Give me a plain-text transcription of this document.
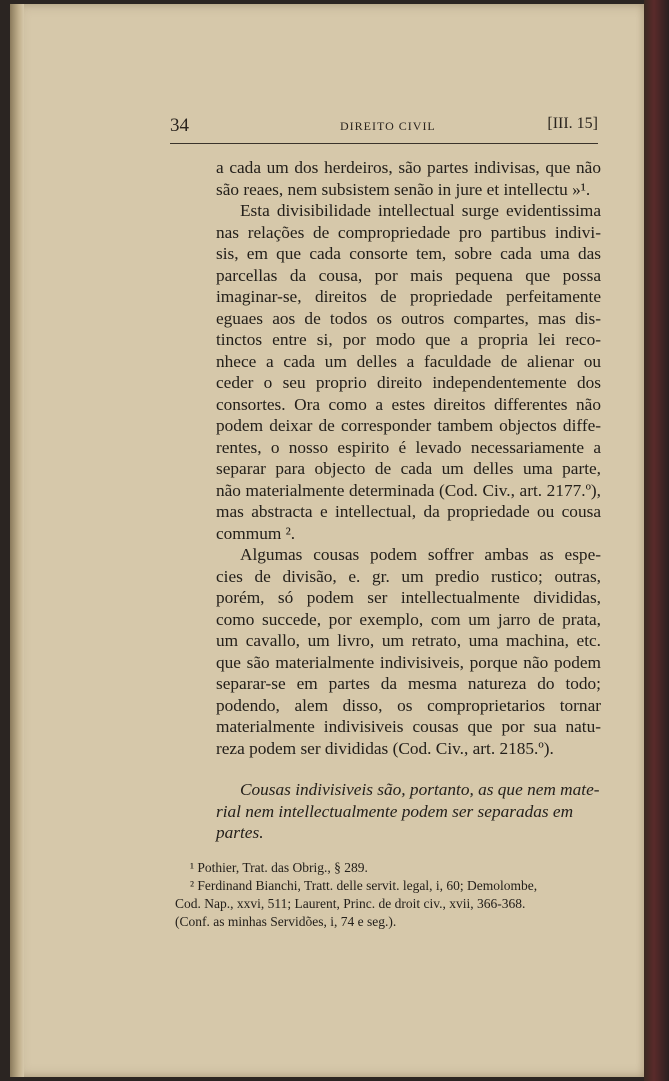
34	DIREITO CIVIL	[III. 15]
a cada um dos herdeiros, são partes indivisas, que não
são reaes, nem subsistem senão in jure et intellectu »¹.
Esta divisibilidade intellectual surge evidentissima
nas relações de compropriedade pro partibus indivi-
sis, em que cada consorte tem, sobre cada uma das
parcellas da cousa, por mais pequena que possa
imaginar-se, direitos de propriedade perfeitamente
eguaes aos de todos os outros compartes, mas dis-
tinctos entre si, por modo que a propria lei reco-
nhece a cada um delles a faculdade de alienar ou
ceder o seu proprio direito independentemente dos
consortes. Ora como a estes direitos differentes não
podem deixar de corresponder tambem objectos diffe-
rentes, o nosso espirito é levado necessariamente a
separar para objecto de cada um delles uma parte,
não materialmente determinada (Cod. Civ., art. 2177.º),
mas abstracta e intellectual, da propriedade ou cousa
commum ².
Algumas cousas podem soffrer ambas as espe-
cies de divisão, e. gr. um predio rustico; outras,
porém, só podem ser intellectualmente divididas,
como succede, por exemplo, com um jarro de prata,
um cavallo, um livro, um retrato, uma machina, etc.
que são materialmente indivisiveis, porque não podem
separar-se em partes da mesma natureza do todo;
podendo, alem disso, os comproprietarios tornar
materialmente indivisiveis cousas que por sua natu-
reza podem ser divididas (Cod. Civ., art. 2185.º).
Cousas indivisiveis são, portanto, as que nem mate-
rial nem intellectualmente podem ser separadas em partes.
¹ Pothier, Trat. das Obrig., § 289.
² Ferdinand Bianchi, Tratt. delle servit. legal, i, 60; Demolombe,
Cod. Nap., xxvi, 511; Laurent, Princ. de droit civ., xvii, 366-368.
(Conf. as minhas Servidões, i, 74 e seg.).
